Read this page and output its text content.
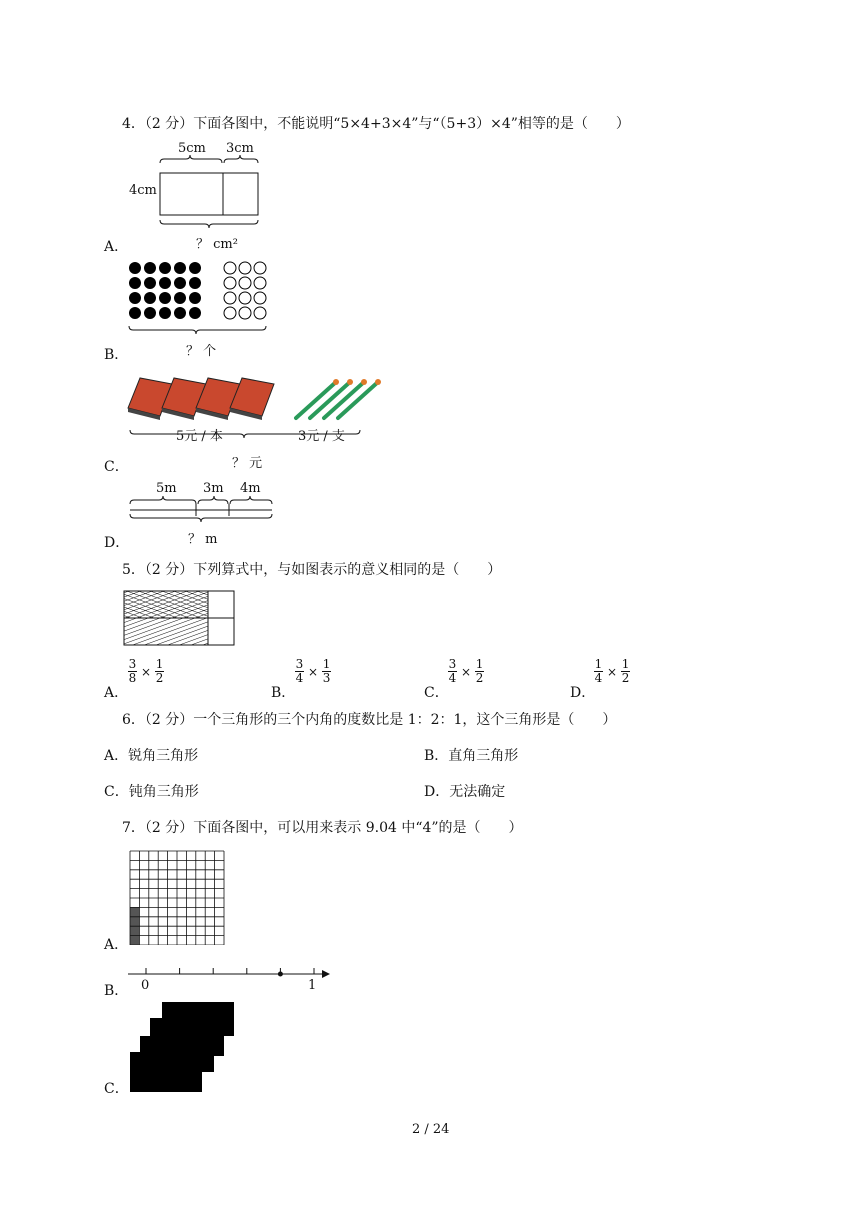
4．（2 分）下面各图中，不能说明“5×4+3×4”与“（5+3）×4”相等的是（　　）
5cm 3cm
4cm
？ cm²
A．
？ 个
B．
5元 / 本	3元 / 支
？ 元
C．
5m 3m 4m
？ m
D．
5．（2 分）下列算式中，与如图表示的意义相同的是（　　）
A．
3
8 ×
1
2
B．
3
4 ×
1
3
C．
3
4 ×
1
2
D．
1
4 ×
1
2
6．（2 分）一个三角形的三个内角的度数比是 1：2：1，这个三角形是（　　）
A．锐角三角形	B．直角三角形
C．钝角三角形	D．无法确定
7．（2 分）下面各图中，可以用来表示 9.04 中“4”的是（　　）
A．
0	1
B．
C．
2 / 24
